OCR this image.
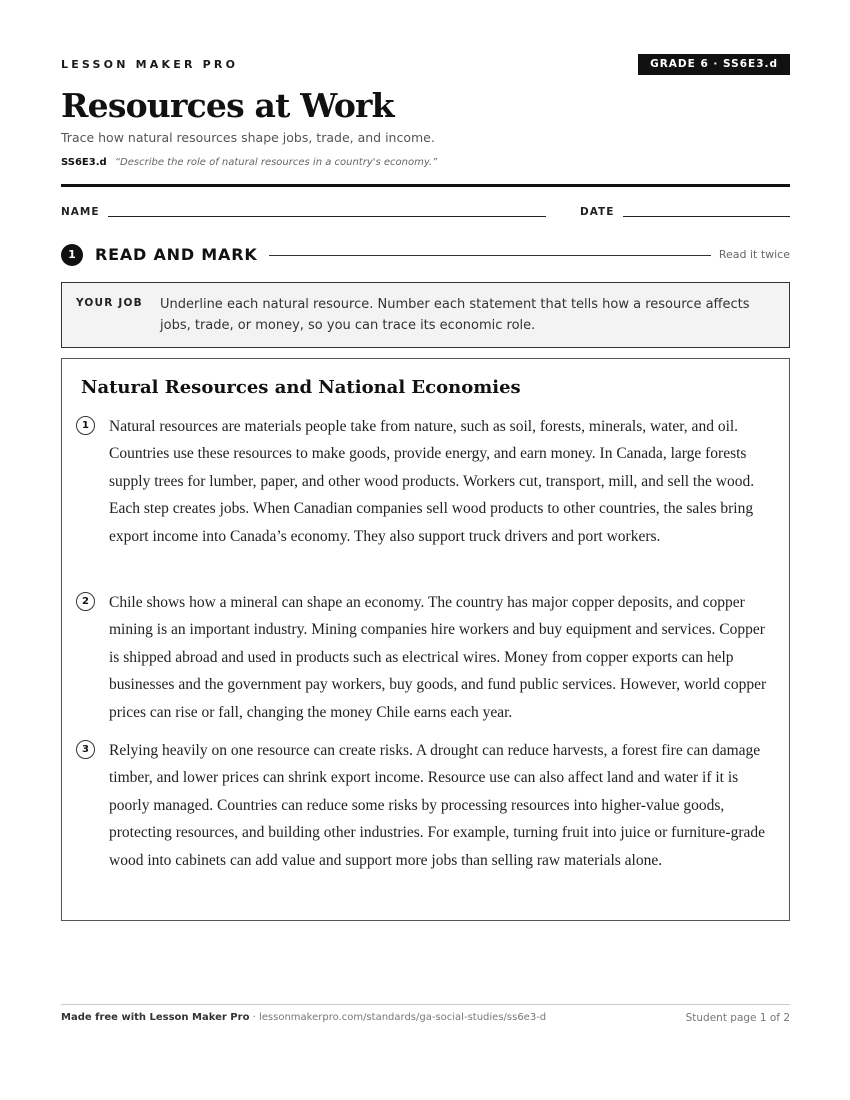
LESSON MAKER PRO	GRADE 6 · SS6E3.d
Resources at Work
Trace how natural resources shape jobs, trade, and income.
SS6E3.d “Describe the role of natural resources in a country's economy.”
NAME	DATE
1	READ AND MARK	Read it twice
YOUR JOB Underline each natural resource. Number each statement that tells how a resource affects jobs, trade, or money, so you can trace its economic role.
Natural Resources and National Economies
1	Natural resources are materials people take from nature, such as soil, forests, minerals, water, and oil. Countries use these resources to make goods, provide energy, and earn money. In Canada, large forests supply trees for lumber, paper, and other wood products. Workers cut, transport, mill, and sell the wood. Each step creates jobs. When Canadian companies sell wood products to other countries, the sales bring export income into Canada’s economy. They also support truck drivers and port workers.
2	Chile shows how a mineral can shape an economy. The country has major copper deposits, and copper mining is an important industry. Mining companies hire workers and buy equipment and services. Copper is shipped abroad and used in products such as electrical wires. Money from copper exports can help businesses and the government pay workers, buy goods, and fund public services. However, world copper prices can rise or fall, changing the money Chile earns each year.
3	Relying heavily on one resource can create risks. A drought can reduce harvests, a forest fire can damage timber, and lower prices can shrink export income. Resource use can also affect land and water if it is poorly managed. Countries can reduce some risks by processing resources into higher-value goods, protecting resources, and building other industries. For example, turning fruit into juice or furniture-grade wood into cabinets can add value and support more jobs than selling raw materials alone.
Made free with Lesson Maker Pro · lessonmakerpro.com/standards/ga-social-studies/ss6e3-d	Student page 1 of 2
